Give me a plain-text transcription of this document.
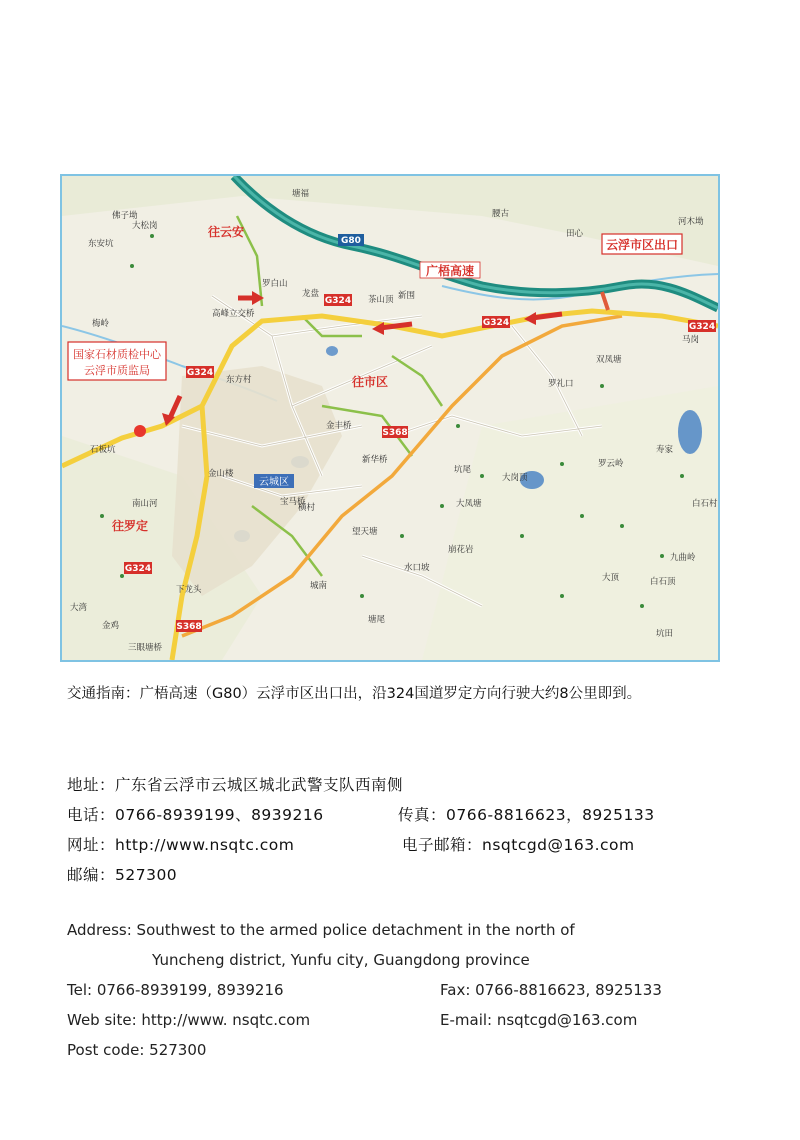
G80
G324
G324
G324
G324
S368
S368
G324
云城区
广梧高速
云浮市区出口
国家石材质检中心
云浮市质监局
往云安
往市区
往罗定
塘福
大松岗
石板坑
茶山顶
罗白山
龙盘	新围
南山河
新华桥
金丰桥
腰古
大岗顶
双凤塘
河木坳
坑尾
大凤塘
横村
三眼塘桥
水口坡
东方村
高峰立交桥
梅岭
城南
马岗
佛子坳
罗礼口
寿家
九曲岭
白石顶
坑田
金山楼
下龙头
大顶
大湾
东安坑
罗云岭
宝马桥
金鸡
白石村
田心
塘尾
崩花岩
望天塘
交通指南：广梧高速（G80）云浮市区出口出，沿324国道罗定方向行驶大约8公里即到。
地址：广东省云浮市云城区城北武警支队西南侧
电话：0766-8939199、8939216	传真：0766-8816623，8925133
网址：http://www.nsqtc.com	电子邮箱：nsqtcgd@163.com
邮编：527300
Address: Southwest to the armed police detachment in the north of
Yuncheng district, Yunfu city, Guangdong province
Tel: 0766-8939199, 8939216	Fax: 0766-8816623, 8925133
Web site: http://www. nsqtc.com	E-mail: nsqtcgd@163.com
Post code: 527300
